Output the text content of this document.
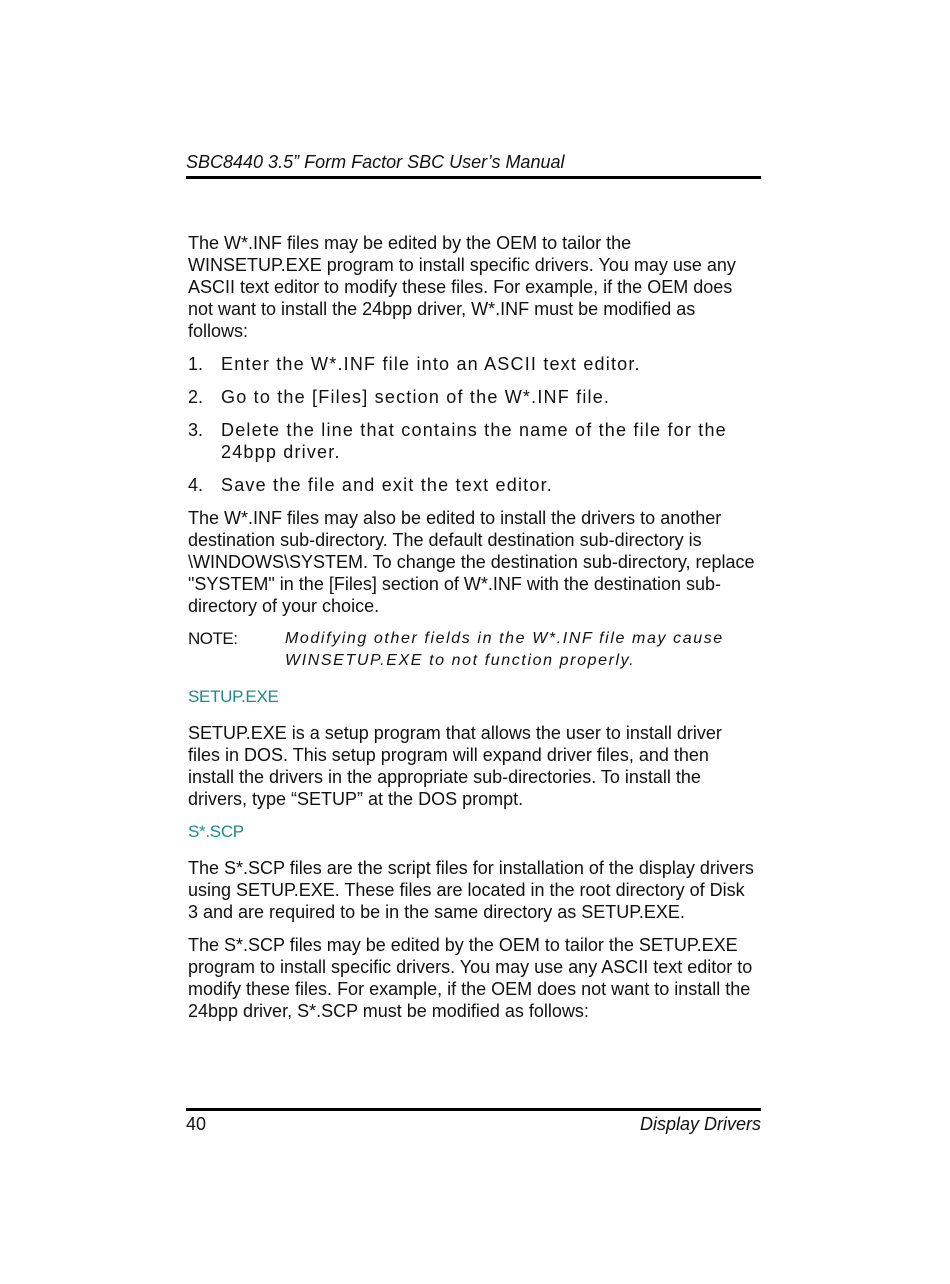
SBC8440 3.5” Form Factor SBC User’s Manual

The W*.INF files may be edited by the OEM to tailor the WINSETUP.EXE program to install specific drivers. You may use any ASCII text editor to modify these files. For example, if the OEM does not want to install the 24bpp driver, W*.INF must be modified as follows:

1. Enter the W*.INF file into an ASCII text editor.
2. Go to the [Files] section of the W*.INF file.
3. Delete the line that contains the name of the file for the 24bpp driver.
4. Save the file and exit the text editor.

The W*.INF files may also be edited to install the drivers to another destination sub-directory. The default destination sub-directory is \WINDOWS\SYSTEM. To change the destination sub-directory, replace "SYSTEM" in the [Files] section of W*.INF with the destination sub-directory of your choice.

NOTE:	Modifying other fields in the W*.INF file may cause WINSETUP.EXE to not function properly.
SETUP.EXE

SETUP.EXE is a setup program that allows the user to install driver files in DOS. This setup program will expand driver files, and then install the drivers in the appropriate sub-directories. To install the drivers, type “SETUP” at the DOS prompt.

S*.SCP

The S*.SCP files are the script files for installation of the display drivers using SETUP.EXE. These files are located in the root directory of Disk 3 and are required to be in the same directory as SETUP.EXE.

The S*.SCP files may be edited by the OEM to tailor the SETUP.EXE program to install specific drivers. You may use any ASCII text editor to modify these files. For example, if the OEM does not want to install the 24bpp driver, S*.SCP must be modified as follows:

40	Display Drivers
